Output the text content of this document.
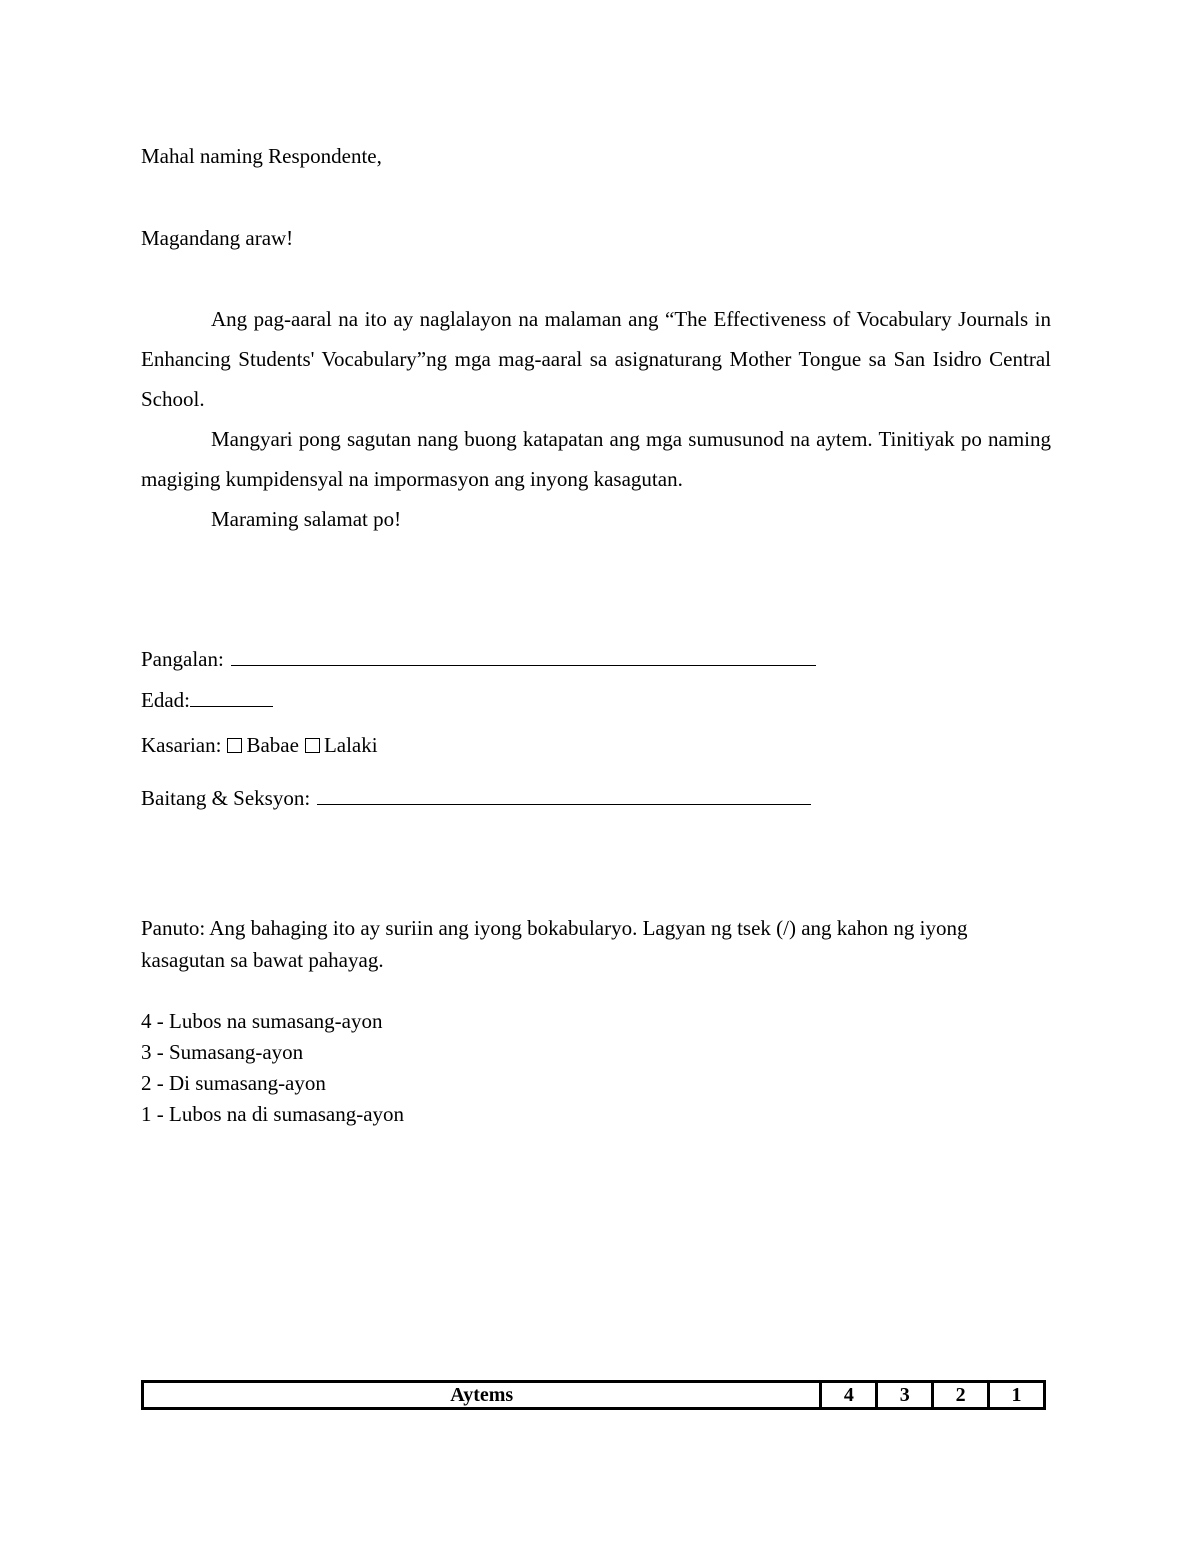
Mahal naming Respondente,
Magandang araw!
Ang pag-aaral na ito ay naglalayon na malaman ang “The Effectiveness of Vocabulary Journals in Enhancing Students' Vocabulary”ng mga mag-aaral sa asignaturang Mother Tongue sa San Isidro Central School.
Mangyari pong sagutan nang buong katapatan ang mga sumusunod na aytem. Tinitiyak po naming magiging kumpidensyal na impormasyon ang inyong kasagutan.
Maraming salamat po!
Pangalan:
Edad:
Kasarian: Babae Lalaki
Baitang & Seksyon:
Panuto: Ang bahaging ito ay suriin ang iyong bokabularyo. Lagyan ng tsek (/) ang kahon ng iyong kasagutan sa bawat pahayag.
4 - Lubos na sumasang-ayon
3 - Sumasang-ayon
2 - Di sumasang-ayon
1 - Lubos na di sumasang-ayon
Aytems	4	3	2	1
